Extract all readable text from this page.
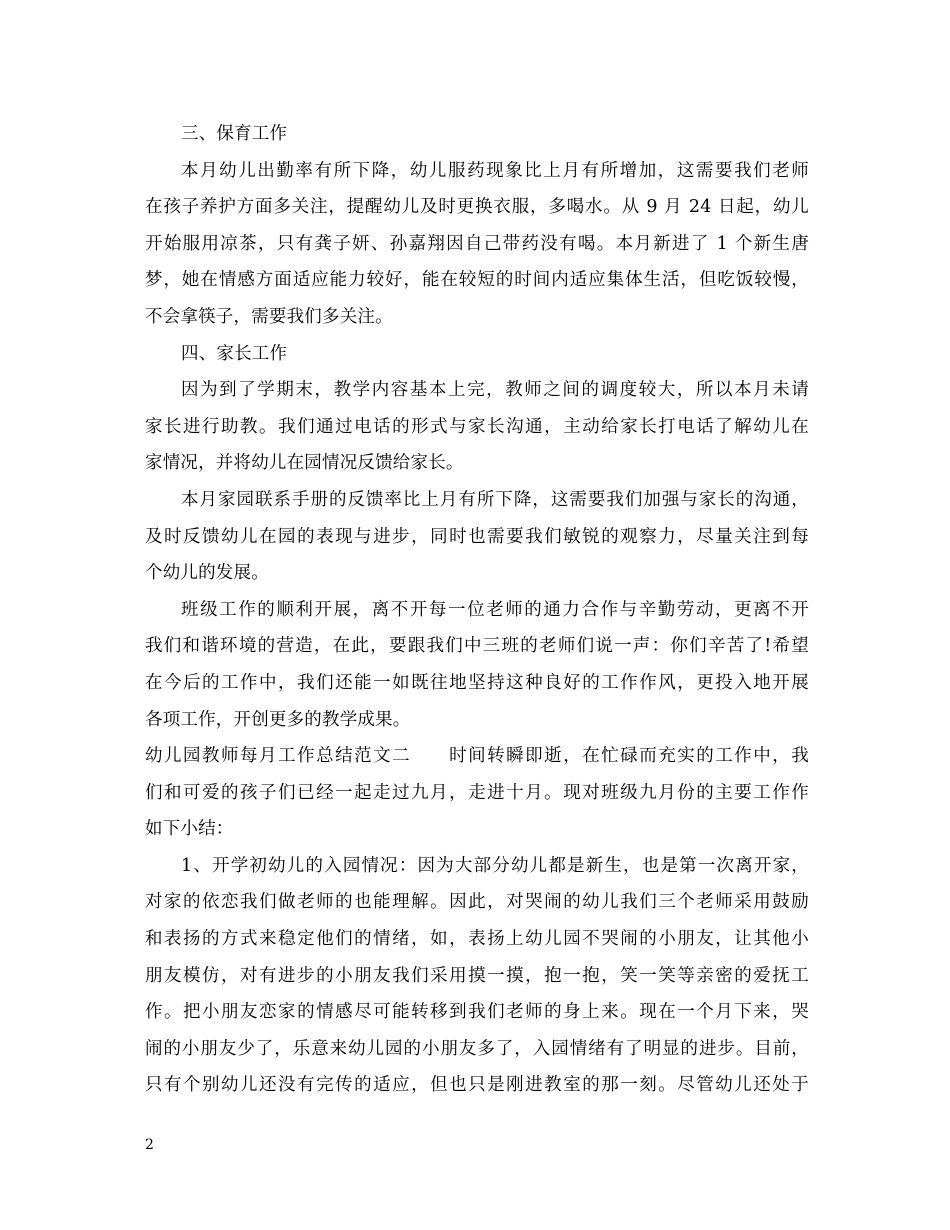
三、保育工作
本月幼儿出勤率有所下降，幼儿服药现象比上月有所增加，这需要我们老师
在孩子养护方面多关注，提醒幼儿及时更换衣服，多喝水。从 9 月 24 日起，幼儿
开始服用凉茶，只有龚子妍、孙嘉翔因自己带药没有喝。本月新进了 1 个新生唐
梦，她在情感方面适应能力较好，能在较短的时间内适应集体生活，但吃饭较慢，
不会拿筷子，需要我们多关注。
四、家长工作
因为到了学期末，教学内容基本上完，教师之间的调度较大，所以本月未请
家长进行助教。我们通过电话的形式与家长沟通，主动给家长打电话了解幼儿在
家情况，并将幼儿在园情况反馈给家长。
本月家园联系手册的反馈率比上月有所下降，这需要我们加强与家长的沟通，
及时反馈幼儿在园的表现与进步，同时也需要我们敏锐的观察力，尽量关注到每
个幼儿的发展。
班级工作的顺利开展，离不开每一位老师的通力合作与辛勤劳动，更离不开
我们和谐环境的营造，在此，要跟我们中三班的老师们说一声：你们辛苦了!希望
在今后的工作中，我们还能一如既往地坚持这种良好的工作作风，更投入地开展
各项工作，开创更多的教学成果。
幼儿园教师每月工作总结范文二　　时间转瞬即逝，在忙碌而充实的工作中，我
们和可爱的孩子们已经一起走过九月，走进十月。现对班级九月份的主要工作作
如下小结：
1、开学初幼儿的入园情况：因为大部分幼儿都是新生，也是第一次离开家，
对家的依恋我们做老师的也能理解。因此，对哭闹的幼儿我们三个老师采用鼓励
和表扬的方式来稳定他们的情绪，如，表扬上幼儿园不哭闹的小朋友，让其他小
朋友模仿，对有进步的小朋友我们采用摸一摸，抱一抱，笑一笑等亲密的爱抚工
作。把小朋友恋家的情感尽可能转移到我们老师的身上来。现在一个月下来，哭
闹的小朋友少了，乐意来幼儿园的小朋友多了，入园情绪有了明显的进步。目前，
只有个别幼儿还没有完传的适应，但也只是刚进教室的那一刻。尽管幼儿还处于
2
